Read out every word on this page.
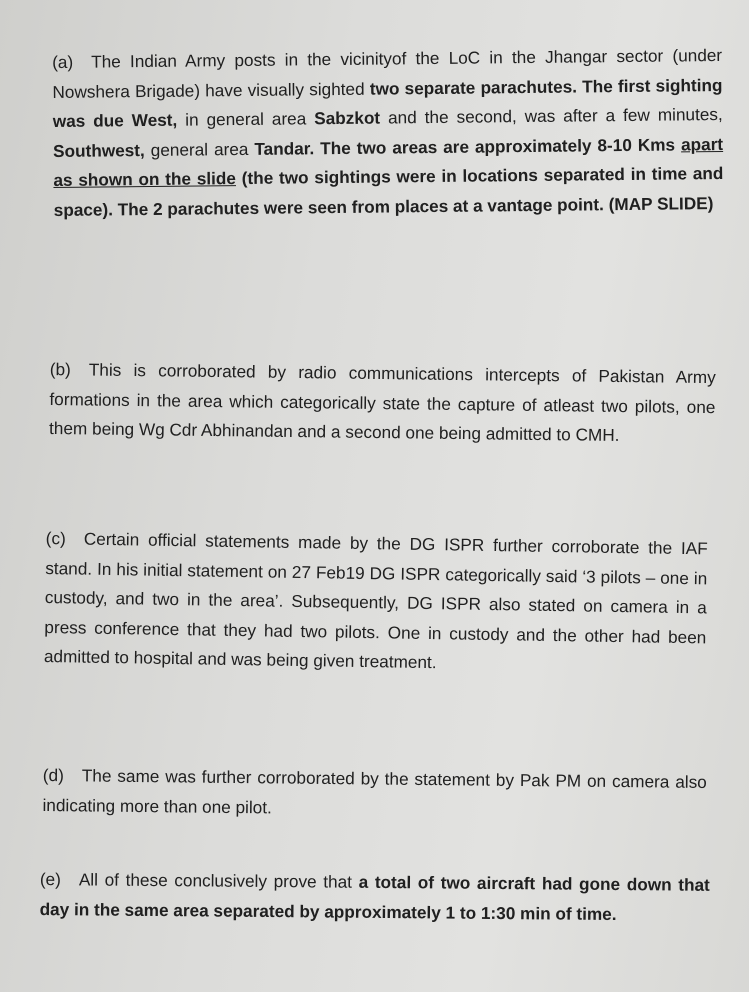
(a) The Indian Army posts in the vicinityof the LoC in the Jhangar sector (under Nowshera Brigade) have visually sighted two separate parachutes. The first sighting was due West, in general area Sabzkot and the second, was after a few minutes, Southwest, general area Tandar. The two areas are approximately 8-10 Kms apart as shown on the slide (the two sightings were in locations separated in time and space). The 2 parachutes were seen from places at a vantage point. (MAP SLIDE)

(b) This is corroborated by radio communications intercepts of Pakistan Army formations in the area which categorically state the capture of atleast two pilots, one them being Wg Cdr Abhinandan and a second one being admitted to CMH.

(c) Certain official statements made by the DG ISPR further corroborate the IAF stand. In his initial statement on 27 Feb19 DG ISPR categorically said ‘3 pilots – one in custody, and two in the area’. Subsequently, DG ISPR also stated on camera in a press conference that they had two pilots. One in custody and the other had been admitted to hospital and was being given treatment.

(d) The same was further corroborated by the statement by Pak PM on camera also indicating more than one pilot.

(e) All of these conclusively prove that a total of two aircraft had gone down that day in the same area separated by approximately 1 to 1:30 min of time.
